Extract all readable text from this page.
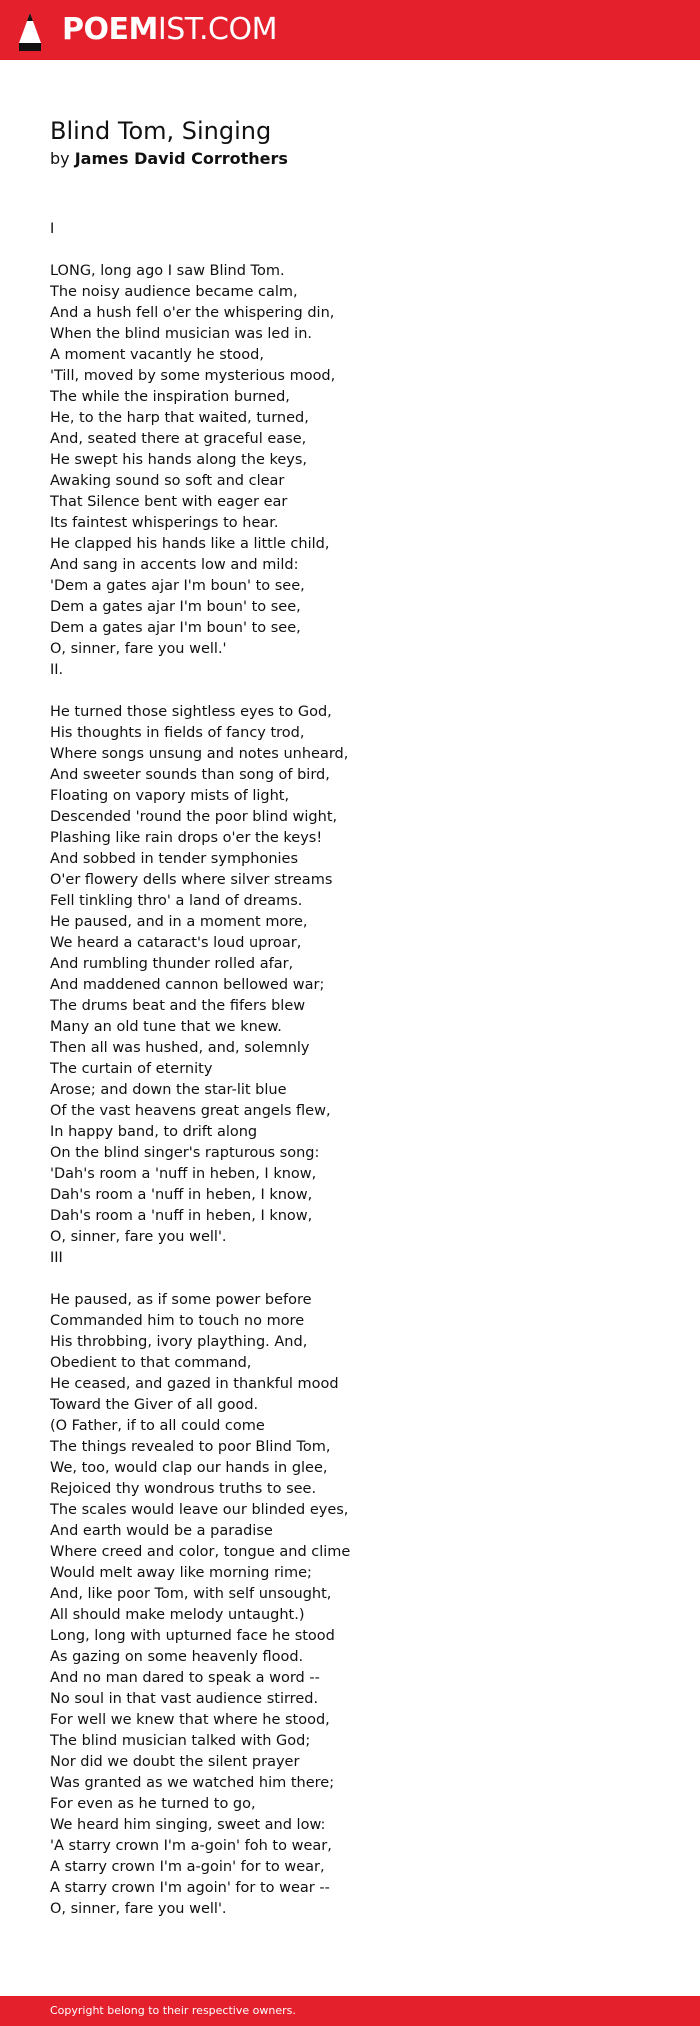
POEMIST.COM
Blind Tom, Singing
by James David Corrothers
I

LONG, long ago I saw Blind Tom.
The noisy audience became calm,
And a hush fell o'er the whispering din,
When the blind musician was led in.
A moment vacantly he stood,
'Till, moved by some mysterious mood,
The while the inspiration burned,
He, to the harp that waited, turned,
And, seated there at graceful ease,
He swept his hands along the keys,
Awaking sound so soft and clear
That Silence bent with eager ear
Its faintest whisperings to hear.
He clapped his hands like a little child,
And sang in accents low and mild:
'Dem a gates ajar I'm boun' to see,
Dem a gates ajar I'm boun' to see,
Dem a gates ajar I'm boun' to see,
O, sinner, fare you well.'
II.

He turned those sightless eyes to God,
His thoughts in fields of fancy trod,
Where songs unsung and notes unheard,
And sweeter sounds than song of bird,
Floating on vapory mists of light,
Descended 'round the poor blind wight,
Plashing like rain drops o'er the keys!
And sobbed in tender symphonies
O'er flowery dells where silver streams
Fell tinkling thro' a land of dreams.
He paused, and in a moment more,
We heard a cataract's loud uproar,
And rumbling thunder rolled afar,
And maddened cannon bellowed war;
The drums beat and the fifers blew
Many an old tune that we knew.
Then all was hushed, and, solemnly
The curtain of eternity
Arose; and down the star-lit blue
Of the vast heavens great angels flew,
In happy band, to drift along
On the blind singer's rapturous song:
'Dah's room a 'nuff in heben, I know,
Dah's room a 'nuff in heben, I know,
Dah's room a 'nuff in heben, I know,
O, sinner, fare you well'.
III

He paused, as if some power before
Commanded him to touch no more
His throbbing, ivory plaything. And,
Obedient to that command,
He ceased, and gazed in thankful mood
Toward the Giver of all good.
(O Father, if to all could come
The things revealed to poor Blind Tom,
We, too, would clap our hands in glee,
Rejoiced thy wondrous truths to see.
The scales would leave our blinded eyes,
And earth would be a paradise
Where creed and color, tongue and clime
Would melt away like morning rime;
And, like poor Tom, with self unsought,
All should make melody untaught.)
Long, long with upturned face he stood
As gazing on some heavenly flood.
And no man dared to speak a word --
No soul in that vast audience stirred.
For well we knew that where he stood,
The blind musician talked with God;
Nor did we doubt the silent prayer
Was granted as we watched him there;
For even as he turned to go,
We heard him singing, sweet and low:
'A starry crown I'm a-goin' foh to wear,
A starry crown I'm a-goin' for to wear,
A starry crown I'm agoin' for to wear --
O, sinner, fare you well'.
Copyright belong to their respective owners.
